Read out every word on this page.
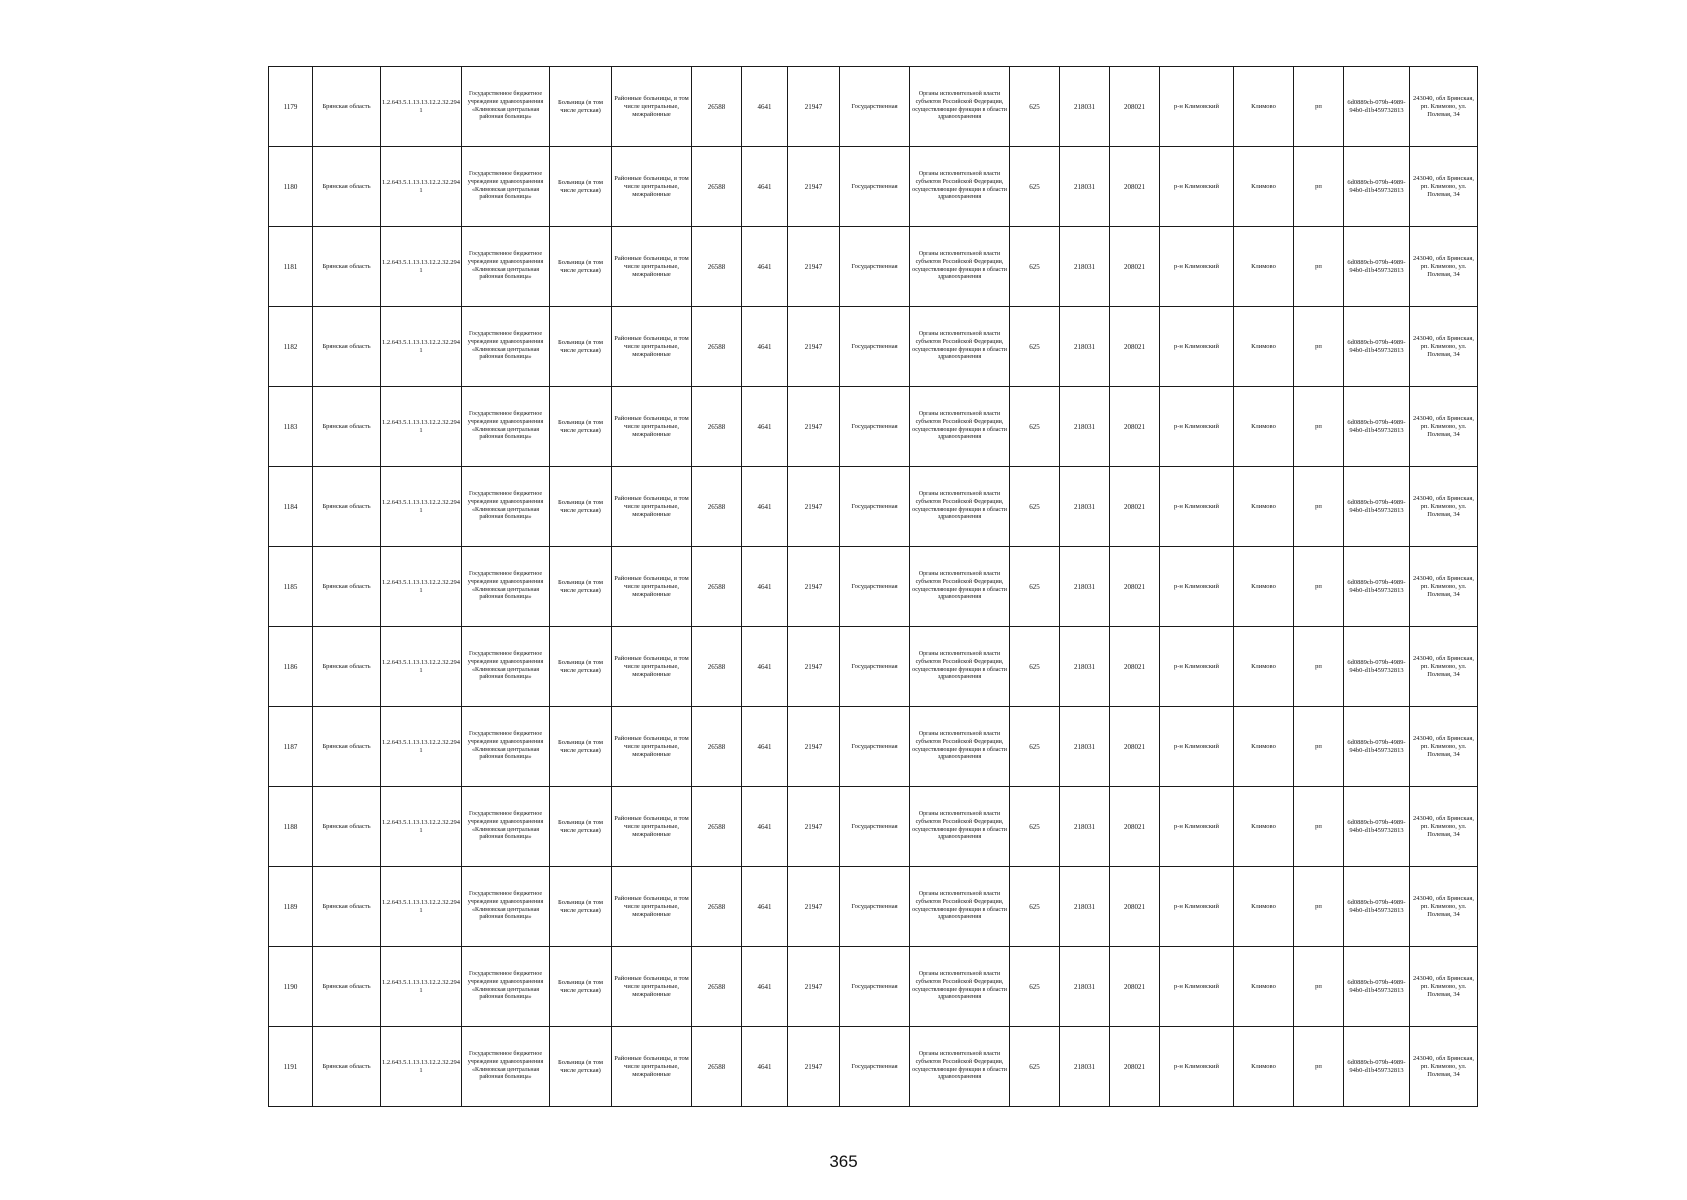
1179	Брянская область	1.2.643.5.1.13.13.12.2.32.294 1	Государственное бюджетное учреждение здравоохранения «Климовская центральная районная больница»	Больница (в том числе детская)	Районные больницы, в том числе центральные, межрайонные	26588	4641	21947	Государственная	Органы исполнительной власти субъектов Российской Федерации, осуществляющие функции в области здравоохранения	625	218031	208021	р-н Климовский	Климово	рп	6d0889cb-079b-4989-94b0-d1b459732813	243040, обл Брянская, рп. Климово, ул. Полевая, 34
1180	Брянская область	1.2.643.5.1.13.13.12.2.32.294 1	Государственное бюджетное учреждение здравоохранения «Климовская центральная районная больница»	Больница (в том числе детская)	Районные больницы, в том числе центральные, межрайонные	26588	4641	21947	Государственная	Органы исполнительной власти субъектов Российской Федерации, осуществляющие функции в области здравоохранения	625	218031	208021	р-н Климовский	Климово	рп	6d0889cb-079b-4989-94b0-d1b459732813	243040, обл Брянская, рп. Климово, ул. Полевая, 34
1181	Брянская область	1.2.643.5.1.13.13.12.2.32.294 1	Государственное бюджетное учреждение здравоохранения «Климовская центральная районная больница»	Больница (в том числе детская)	Районные больницы, в том числе центральные, межрайонные	26588	4641	21947	Государственная	Органы исполнительной власти субъектов Российской Федерации, осуществляющие функции в области здравоохранения	625	218031	208021	р-н Климовский	Климово	рп	6d0889cb-079b-4989-94b0-d1b459732813	243040, обл Брянская, рп. Климово, ул. Полевая, 34
1182	Брянская область	1.2.643.5.1.13.13.12.2.32.294 1	Государственное бюджетное учреждение здравоохранения «Климовская центральная районная больница»	Больница (в том числе детская)	Районные больницы, в том числе центральные, межрайонные	26588	4641	21947	Государственная	Органы исполнительной власти субъектов Российской Федерации, осуществляющие функции в области здравоохранения	625	218031	208021	р-н Климовский	Климово	рп	6d0889cb-079b-4989-94b0-d1b459732813	243040, обл Брянская, рп. Климово, ул. Полевая, 34
1183	Брянская область	1.2.643.5.1.13.13.12.2.32.294 1	Государственное бюджетное учреждение здравоохранения «Климовская центральная районная больница»	Больница (в том числе детская)	Районные больницы, в том числе центральные, межрайонные	26588	4641	21947	Государственная	Органы исполнительной власти субъектов Российской Федерации, осуществляющие функции в области здравоохранения	625	218031	208021	р-н Климовский	Климово	рп	6d0889cb-079b-4989-94b0-d1b459732813	243040, обл Брянская, рп. Климово, ул. Полевая, 34
1184	Брянская область	1.2.643.5.1.13.13.12.2.32.294 1	Государственное бюджетное учреждение здравоохранения «Климовская центральная районная больница»	Больница (в том числе детская)	Районные больницы, в том числе центральные, межрайонные	26588	4641	21947	Государственная	Органы исполнительной власти субъектов Российской Федерации, осуществляющие функции в области здравоохранения	625	218031	208021	р-н Климовский	Климово	рп	6d0889cb-079b-4989-94b0-d1b459732813	243040, обл Брянская, рп. Климово, ул. Полевая, 34
1185	Брянская область	1.2.643.5.1.13.13.12.2.32.294 1	Государственное бюджетное учреждение здравоохранения «Климовская центральная районная больница»	Больница (в том числе детская)	Районные больницы, в том числе центральные, межрайонные	26588	4641	21947	Государственная	Органы исполнительной власти субъектов Российской Федерации, осуществляющие функции в области здравоохранения	625	218031	208021	р-н Климовский	Климово	рп	6d0889cb-079b-4989-94b0-d1b459732813	243040, обл Брянская, рп. Климово, ул. Полевая, 34
1186	Брянская область	1.2.643.5.1.13.13.12.2.32.294 1	Государственное бюджетное учреждение здравоохранения «Климовская центральная районная больница»	Больница (в том числе детская)	Районные больницы, в том числе центральные, межрайонные	26588	4641	21947	Государственная	Органы исполнительной власти субъектов Российской Федерации, осуществляющие функции в области здравоохранения	625	218031	208021	р-н Климовский	Климово	рп	6d0889cb-079b-4989-94b0-d1b459732813	243040, обл Брянская, рп. Климово, ул. Полевая, 34
1187	Брянская область	1.2.643.5.1.13.13.12.2.32.294 1	Государственное бюджетное учреждение здравоохранения «Климовская центральная районная больница»	Больница (в том числе детская)	Районные больницы, в том числе центральные, межрайонные	26588	4641	21947	Государственная	Органы исполнительной власти субъектов Российской Федерации, осуществляющие функции в области здравоохранения	625	218031	208021	р-н Климовский	Климово	рп	6d0889cb-079b-4989-94b0-d1b459732813	243040, обл Брянская, рп. Климово, ул. Полевая, 34
1188	Брянская область	1.2.643.5.1.13.13.12.2.32.294 1	Государственное бюджетное учреждение здравоохранения «Климовская центральная районная больница»	Больница (в том числе детская)	Районные больницы, в том числе центральные, межрайонные	26588	4641	21947	Государственная	Органы исполнительной власти субъектов Российской Федерации, осуществляющие функции в области здравоохранения	625	218031	208021	р-н Климовский	Климово	рп	6d0889cb-079b-4989-94b0-d1b459732813	243040, обл Брянская, рп. Климово, ул. Полевая, 34
1189	Брянская область	1.2.643.5.1.13.13.12.2.32.294 1	Государственное бюджетное учреждение здравоохранения «Климовская центральная районная больница»	Больница (в том числе детская)	Районные больницы, в том числе центральные, межрайонные	26588	4641	21947	Государственная	Органы исполнительной власти субъектов Российской Федерации, осуществляющие функции в области здравоохранения	625	218031	208021	р-н Климовский	Климово	рп	6d0889cb-079b-4989-94b0-d1b459732813	243040, обл Брянская, рп. Климово, ул. Полевая, 34
1190	Брянская область	1.2.643.5.1.13.13.12.2.32.294 1	Государственное бюджетное учреждение здравоохранения «Климовская центральная районная больница»	Больница (в том числе детская)	Районные больницы, в том числе центральные, межрайонные	26588	4641	21947	Государственная	Органы исполнительной власти субъектов Российской Федерации, осуществляющие функции в области здравоохранения	625	218031	208021	р-н Климовский	Климово	рп	6d0889cb-079b-4989-94b0-d1b459732813	243040, обл Брянская, рп. Климово, ул. Полевая, 34
1191	Брянская область	1.2.643.5.1.13.13.12.2.32.294 1	Государственное бюджетное учреждение здравоохранения «Климовская центральная районная больница»	Больница (в том числе детская)	Районные больницы, в том числе центральные, межрайонные	26588	4641	21947	Государственная	Органы исполнительной власти субъектов Российской Федерации, осуществляющие функции в области здравоохранения	625	218031	208021	р-н Климовский	Климово	рп	6d0889cb-079b-4989-94b0-d1b459732813	243040, обл Брянская, рп. Климово, ул. Полевая, 34
365
